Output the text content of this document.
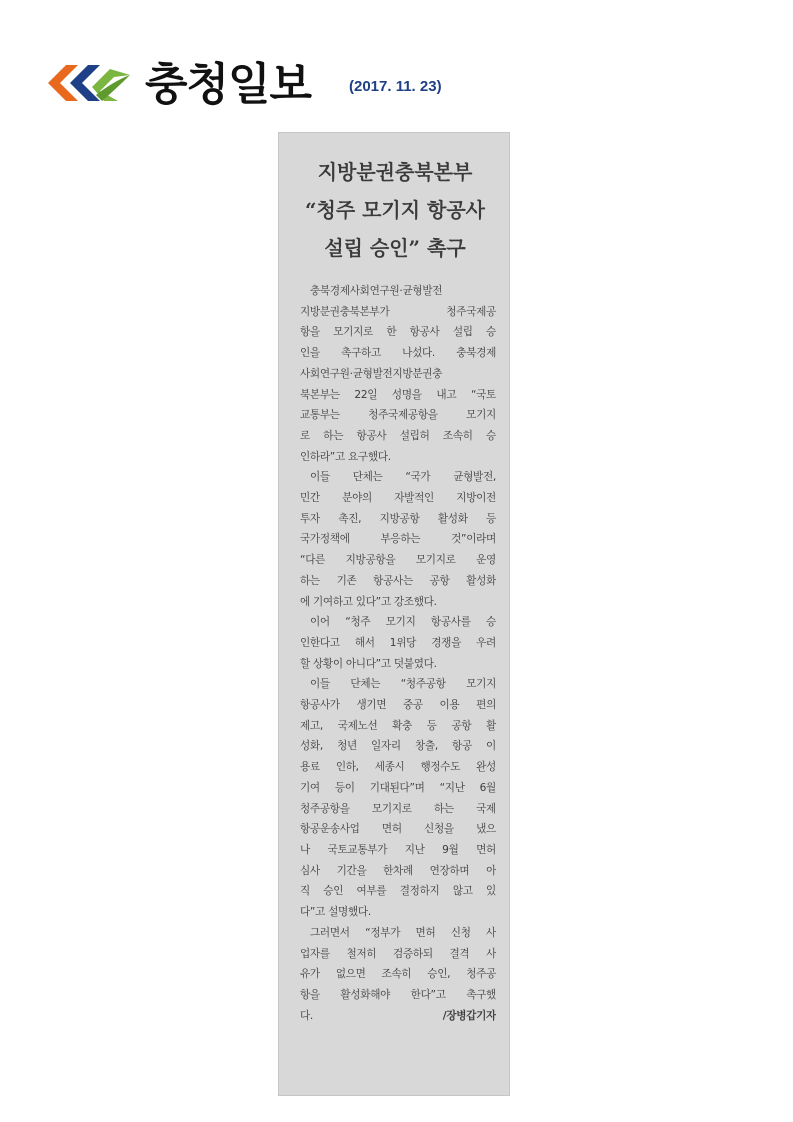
충청일보	(2017. 11. 23)
지방분권충북본부
“청주 모기지 항공사
설립 승인” 촉구
충북경제사회연구원·균형발전
지방분권충북본부가 청주국제공
항을 모기지로 한 항공사 설립 승
인을 촉구하고 나섰다. 충북경제
사회연구원·균형발전지방분권충
북본부는 22일 성명을 내고 “국토
교통부는 청주국제공항을 모기지
로 하는 항공사 설립허 조속히 승
인하라”고 요구했다.
이들 단체는 “국가 균형발전,
민간 분야의 자발적인 지방이전
투자 촉진, 지방공항 활성화 등
국가정책에 부응하는 것”이라며
“다른 지방공항을 모기지로 운영
하는 기존 항공사는 공항 활성화
에 기여하고 있다”고 강조했다.
이어 “청주 모기지 항공사를 승
인한다고 해서 1위당 경쟁을 우려
할 상황이 아니다”고 덧붙였다.
이들 단체는 “청주공항 모기지
항공사가 생기면 중공 이용 편의
제고, 국제노선 확충 등 공항 활
성화, 청년 일자리 창출, 항공 이
용료 인하, 세종시 행정수도 완성
기여 등이 기대된다”며 “지난 6월
청주공항을 모기지로 하는 국제
항공운송사업 면허 신청을 냈으
나 국토교통부가 지난 9월 면허
심사 기간을 한차례 연장하며 아
직 승인 여부를 결정하지 않고 있
다”고 설명했다.
그러면서 “정부가 면허 신청 사
업자를 철저히 검증하되 결격 사
유가 없으면 조속히 승인, 청주공
항을 활성화해야 한다”고 촉구했
다.	/장병갑기자
